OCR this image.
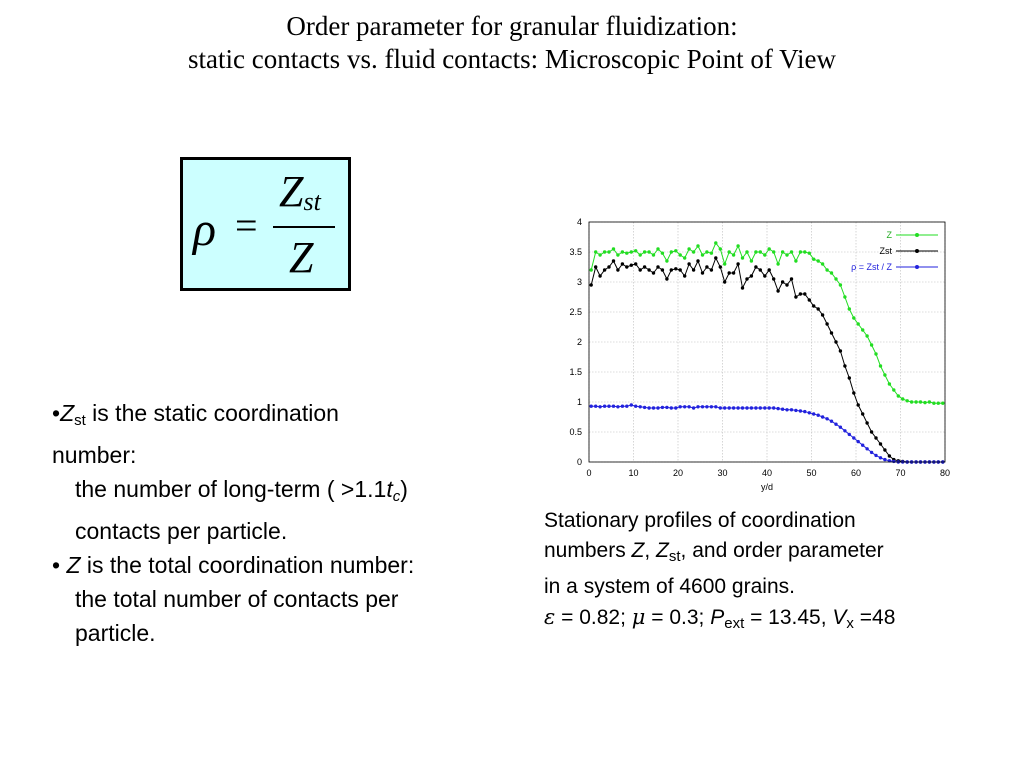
Order parameter for granular fluidization:
static contacts vs. fluid contacts: Microscopic Point of View
ρ =
$Z_{st}$
Z
$•Z_{st}$ is the static coordination
number:
the number of long-term ( $>1.1t_c$)
contacts per particle.
• Z is the total coordination number:
the total number of contacts per
particle.
0	10	20	30	40	50	60	70	80
0
0.5
1
1.5
2
2.5
3
3.5
4
y/d
Z
Zst
ρ = Zst / Z
Stationary profiles of coordination
numbers Z, $Z_{st}$, and order parameter
in a system of 4600 grains.
ε = 0.82; μ = 0.3; $P_{ext} = 13.45$, $V_x =48$
